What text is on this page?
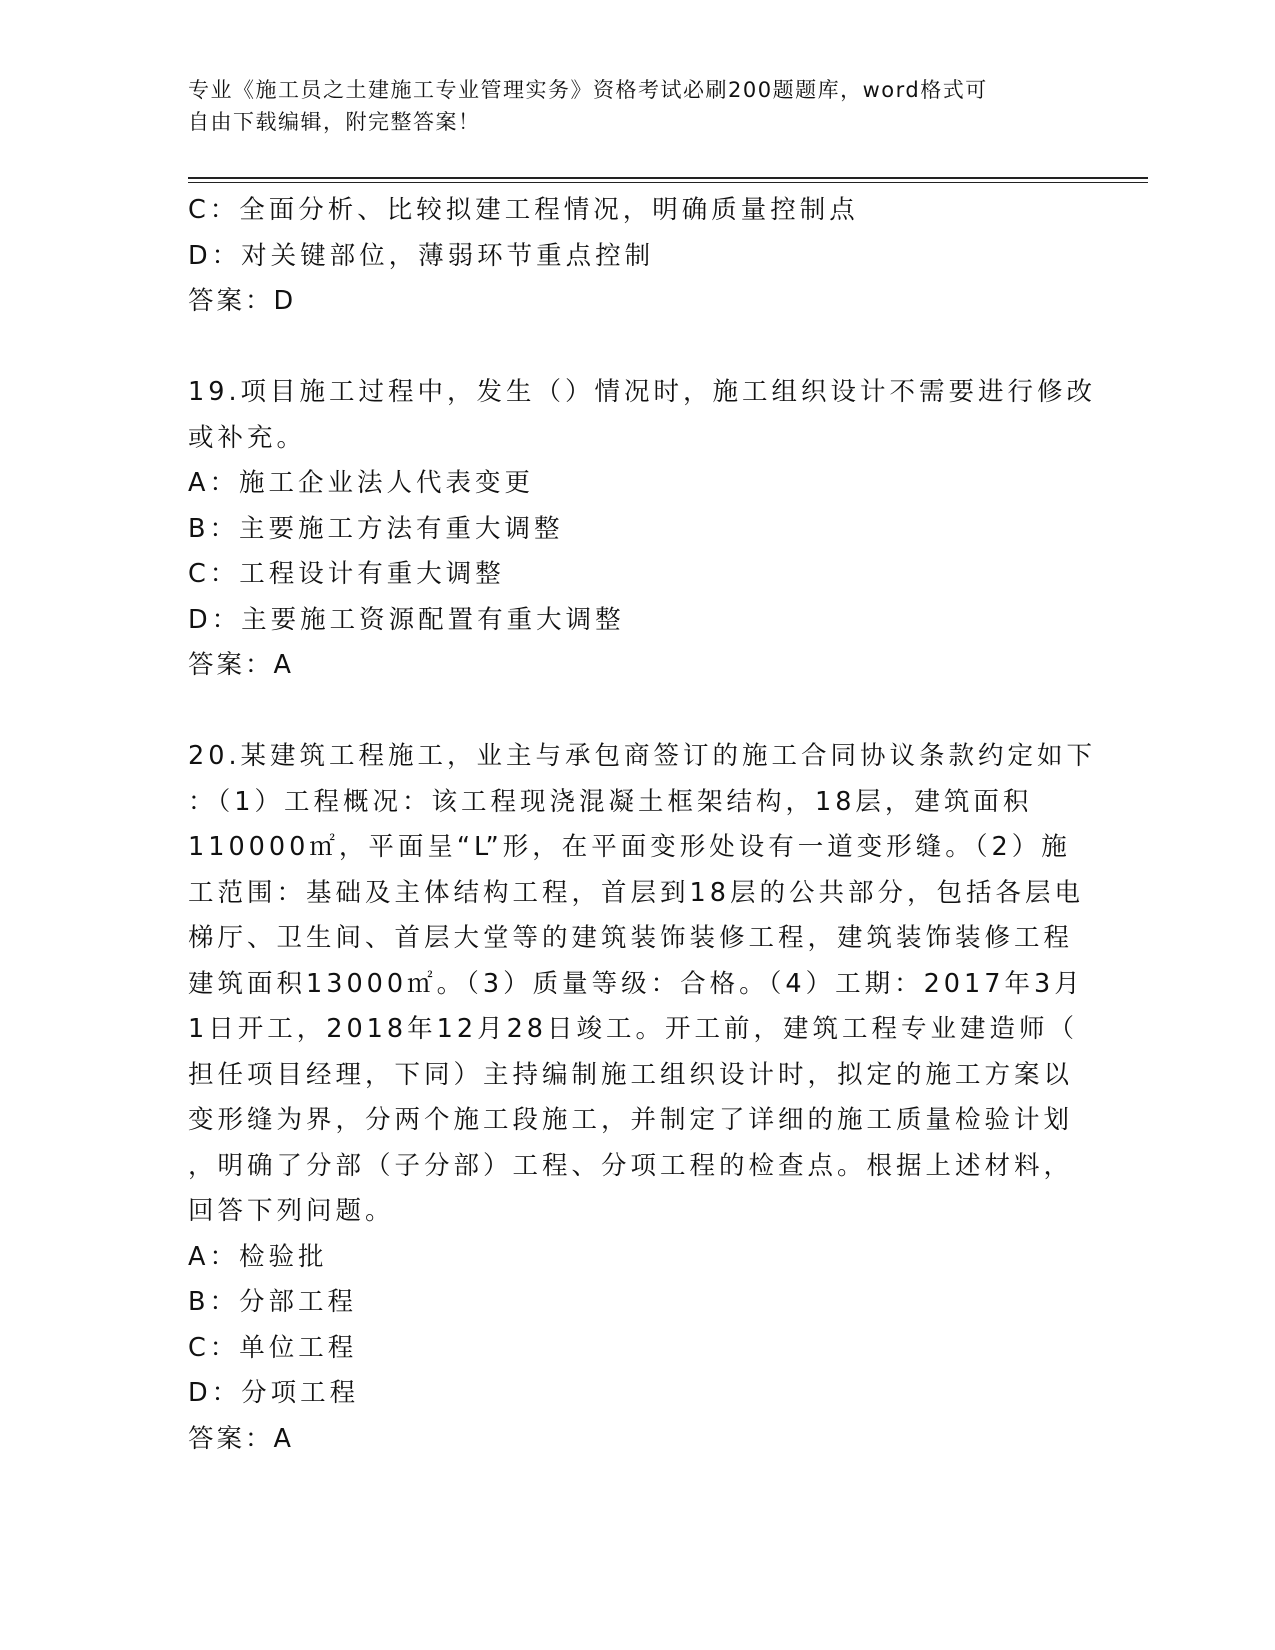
专业《施工员之土建施工专业管理实务》资格考试必刷200题题库，word格式可
自由下载编辑，附完整答案！
C：全面分析、比较拟建工程情况，明确质量控制点
D：对关键部位，薄弱环节重点控制
答案：D
19.项目施工过程中，发生（）情况时，施工组织设计不需要进行修改
或补充。
A：施工企业法人代表变更
B：主要施工方法有重大调整
C：工程设计有重大调整
D：主要施工资源配置有重大调整
答案：A
20.某建筑工程施工，业主与承包商签订的施工合同协议条款约定如下
：（1）工程概况：该工程现浇混凝土框架结构，18层，建筑面积
110000㎡，平面呈“L”形，在平面变形处设有一道变形缝。（2）施
工范围：基础及主体结构工程，首层到18层的公共部分，包括各层电
梯厅、卫生间、首层大堂等的建筑装饰装修工程，建筑装饰装修工程
建筑面积13000㎡。（3）质量等级：合格。（4）工期：2017年3月
1日开工，2018年12月28日竣工。开工前，建筑工程专业建造师（
担任项目经理，下同）主持编制施工组织设计时，拟定的施工方案以
变形缝为界，分两个施工段施工，并制定了详细的施工质量检验计划
，明确了分部（子分部）工程、分项工程的检查点。根据上述材料，
回答下列问题。
A：检验批
B：分部工程
C：单位工程
D：分项工程
答案：A
